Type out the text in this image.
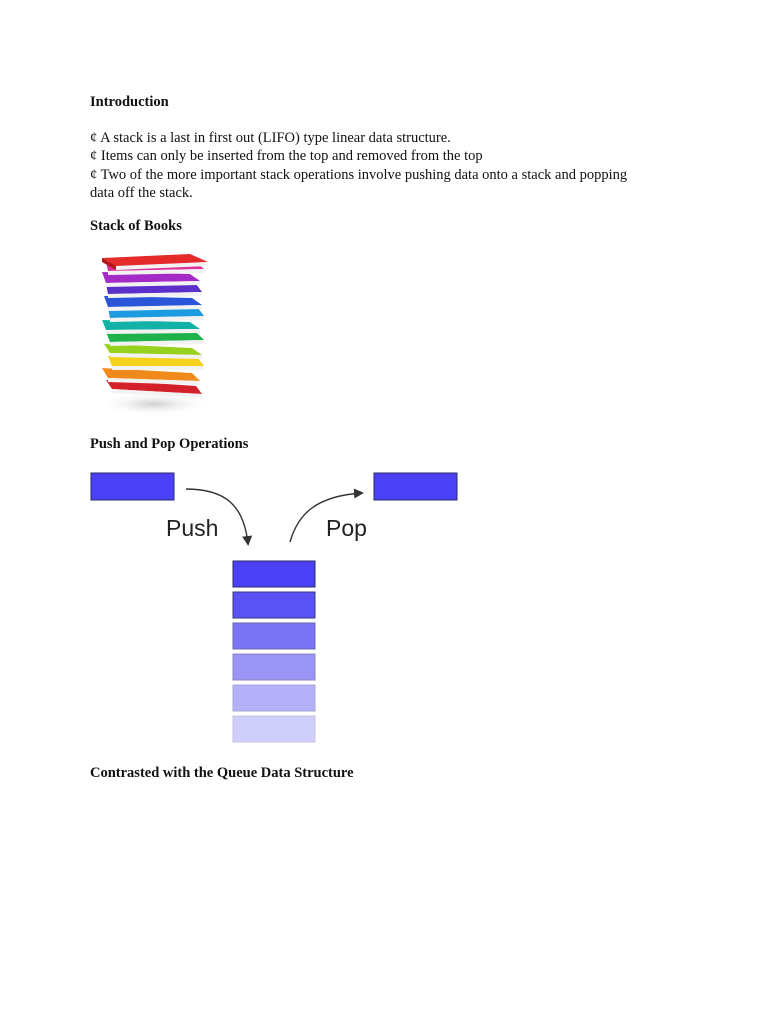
Introduction
¢ A stack is a last in first out (LIFO) type linear data structure.
¢ Items can only be inserted from the top and removed from the top
¢ Two of the more important stack operations involve pushing data onto a stack and popping
data off the stack.
Stack of Books
Push and Pop Operations
Push	Pop
Contrasted with the Queue Data Structure
